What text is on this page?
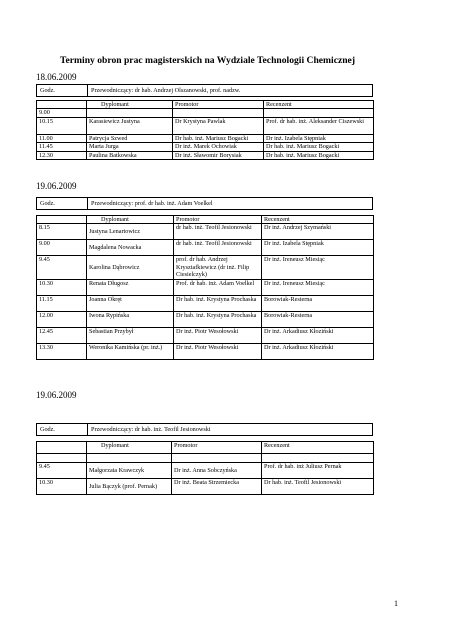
Terminy obron prac magisterskich na Wydziale Technologii Chemicznej
18.06.2009
Godz.	Przewodniczący: dr hab. Andrzej Olszanowski, prof. nadzw.
	Dyplomant	Promotor	Recenzent
9.00			
10.15	Karasiewicz Justyna	Dr Krystyna Pawlak	Prof. dr hab. inż. Aleksander Ciszewski
11.00	Patrycja Szwed	Dr hab. inż. Mariusz Bogacki	Dr inż. Izabela Stępniak
11.45	Marta Jurga	Dr inż. Marek Ochowiak	Dr hab. inż. Mariusz Bogacki
12.30	Paulina Batkowska	Dr inż. Sławomir Borysiak	Dr hab. inż. Mariusz Bogacki
19.06.2009
Godz.	Przewodniczący: prof. dr hab. inż. Adam Voelkel
	Dyplomant	Promotor	Recenzent
8.15	Justyna Lenartowicz	dr hab. inż. Teofil Jesionowski	Dr inż. Andrzej Szymański
9.00	Magdalena Nowacka	dr hab. inż. Teofil Jesionowski	Dr inż. Izabela Stępniak
9.45	Karolina Dąbrowicz	prof. dr hab. Andrzej Krysztafkiewicz (dr inż. Filip Ciesielczyk)	Dr inż. Ireneusz Miesiąc
10.30	Renata Długosz	Prof. dr hab. inż. Adam Voelkel	Dr inż. Ireneusz Miesiąc
11.15	Joanna Okręt	Dr hab. inż. Krystyna Prochaska	Borowiak-Resterna
12.00	Iwona Rypińska	Dr hab. inż. Krystyna Prochaska	Borowiak-Resterna
12.45	Sebastian Przybył	Dr inż. Piotr Wesołowski	Dr inż. Arkadiusz Kłoziński
13.30	Weronika Kamińska (pr. inż.)	Dr inż. Piotr Wesołowski	Dr inż. Arkadiusz Kłoziński
19.06.2009
Godz.	Przewodniczący: dr hab. inż. Teofil Jesionowski
	Dyplomant	Promotor	Recenzent

9.45	Małgorzata Krawczyk	Dr inż. Anna Sobczyńska	Prof. dr hab. inż Juliusz Pernak
10.30	Julia Bączyk (prof. Pernak)	Dr inż. Beata Strzemiecka	Dr hab. inż. Teofil Jesionowski
1
